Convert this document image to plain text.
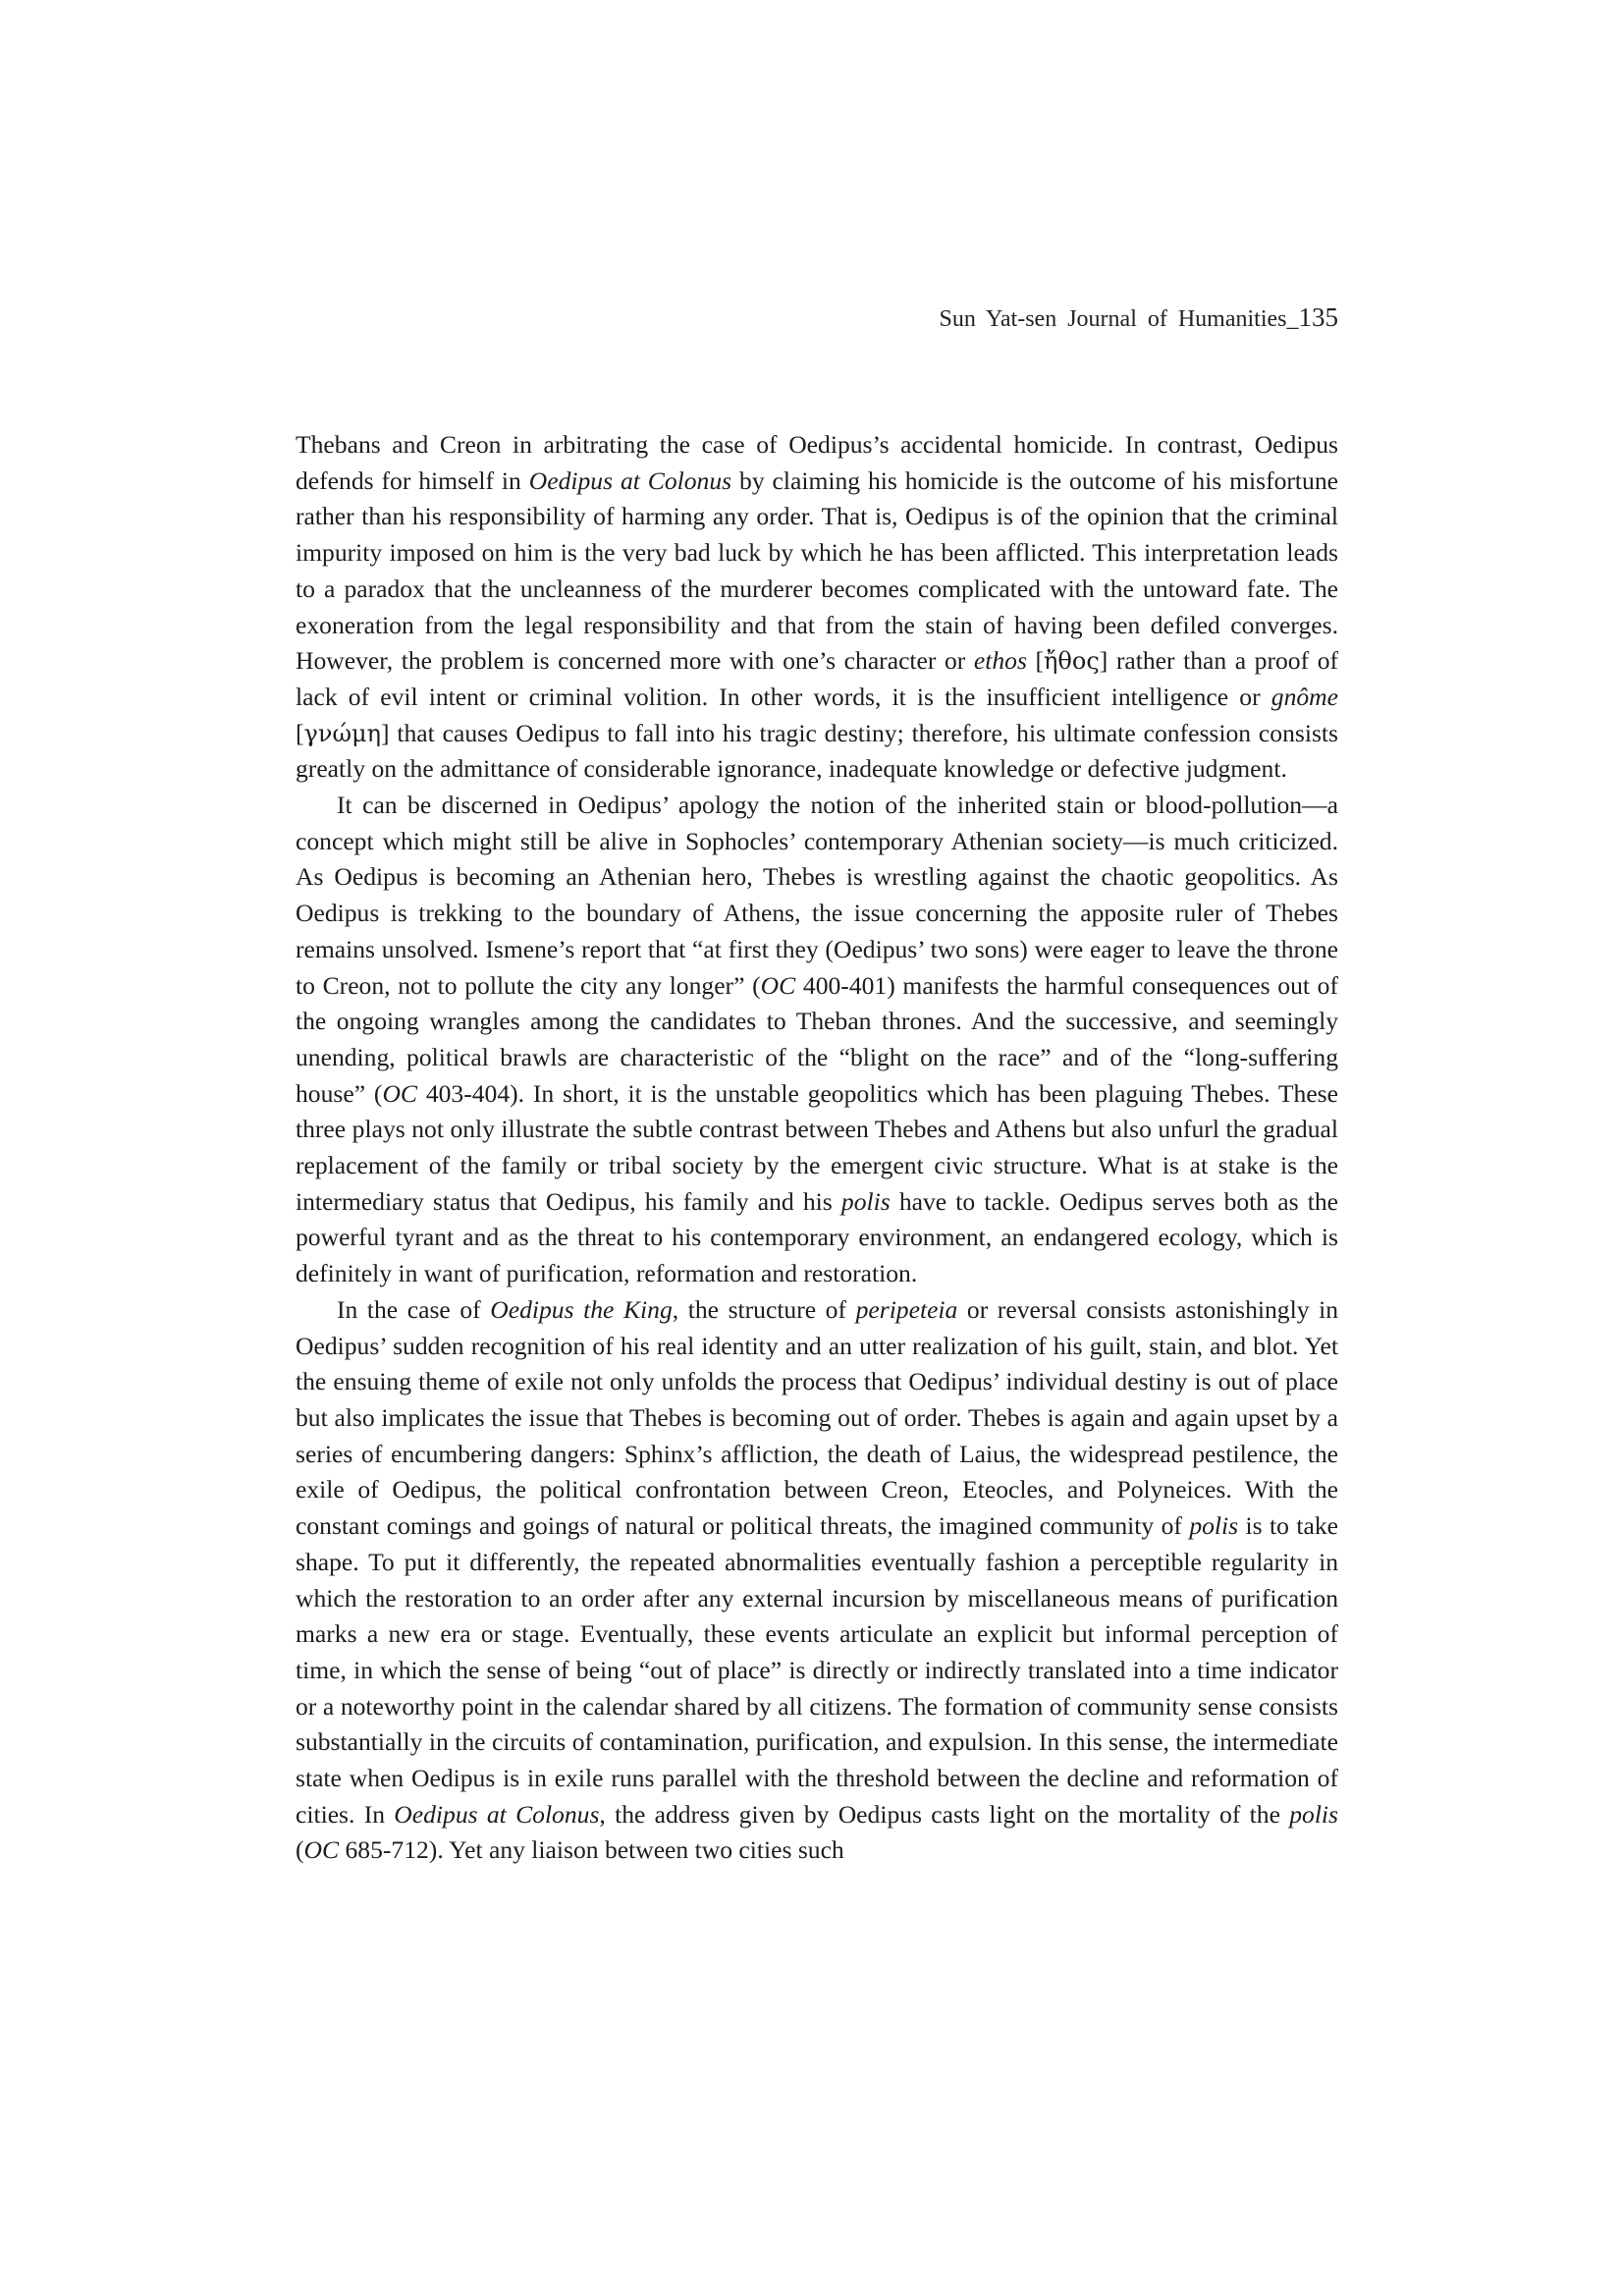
Sun Yat-sen Journal of Humanities_135

Thebans and Creon in arbitrating the case of Oedipus’s accidental homicide. In contrast, Oedipus defends for himself in Oedipus at Colonus by claiming his homicide is the outcome of his misfortune rather than his responsibility of harming any order. That is, Oedipus is of the opinion that the criminal impurity imposed on him is the very bad luck by which he has been afflicted. This interpretation leads to a paradox that the uncleanness of the murderer becomes complicated with the untoward fate. The exoneration from the legal responsibility and that from the stain of having been defiled converges. However, the problem is concerned more with one’s character or ethos [ἤθος] rather than a proof of lack of evil intent or criminal volition. In other words, it is the insufficient intelligence or gnôme [γνώμη] that causes Oedipus to fall into his tragic destiny; therefore, his ultimate confession consists greatly on the admittance of considerable ignorance, inadequate knowledge or defective judgment.

It can be discerned in Oedipus’ apology the notion of the inherited stain or blood-pollution—a concept which might still be alive in Sophocles’ contemporary Athenian society—is much criticized. As Oedipus is becoming an Athenian hero, Thebes is wrestling against the chaotic geopolitics. As Oedipus is trekking to the boundary of Athens, the issue concerning the apposite ruler of Thebes remains unsolved. Ismene’s report that “at first they (Oedipus’ two sons) were eager to leave the throne to Creon, not to pollute the city any longer” (OC 400-401) manifests the harmful consequences out of the ongoing wrangles among the candidates to Theban thrones. And the successive, and seemingly unending, political brawls are characteristic of the “blight on the race” and of the “long-suffering house” (OC 403-404). In short, it is the unstable geopolitics which has been plaguing Thebes. These three plays not only illustrate the subtle contrast between Thebes and Athens but also unfurl the gradual replacement of the family or tribal society by the emergent civic structure. What is at stake is the intermediary status that Oedipus, his family and his polis have to tackle. Oedipus serves both as the powerful tyrant and as the threat to his contemporary environment, an endangered ecology, which is definitely in want of purification, reformation and restoration.

In the case of Oedipus the King, the structure of peripeteia or reversal consists astonishingly in Oedipus’ sudden recognition of his real identity and an utter realization of his guilt, stain, and blot. Yet the ensuing theme of exile not only unfolds the process that Oedipus’ individual destiny is out of place but also implicates the issue that Thebes is becoming out of order. Thebes is again and again upset by a series of encumbering dangers: Sphinx’s affliction, the death of Laius, the widespread pestilence, the exile of Oedipus, the political confrontation between Creon, Eteocles, and Polyneices. With the constant comings and goings of natural or political threats, the imagined community of polis is to take shape. To put it differently, the repeated abnormalities eventually fashion a perceptible regularity in which the restoration to an order after any external incursion by miscellaneous means of purification marks a new era or stage. Eventually, these events articulate an explicit but informal perception of time, in which the sense of being “out of place” is directly or indirectly translated into a time indicator or a noteworthy point in the calendar shared by all citizens. The formation of community sense consists substantially in the circuits of contamination, purification, and expulsion. In this sense, the intermediate state when Oedipus is in exile runs parallel with the threshold between the decline and reformation of cities. In Oedipus at Colonus, the address given by Oedipus casts light on the mortality of the polis (OC 685-712). Yet any liaison between two cities such
